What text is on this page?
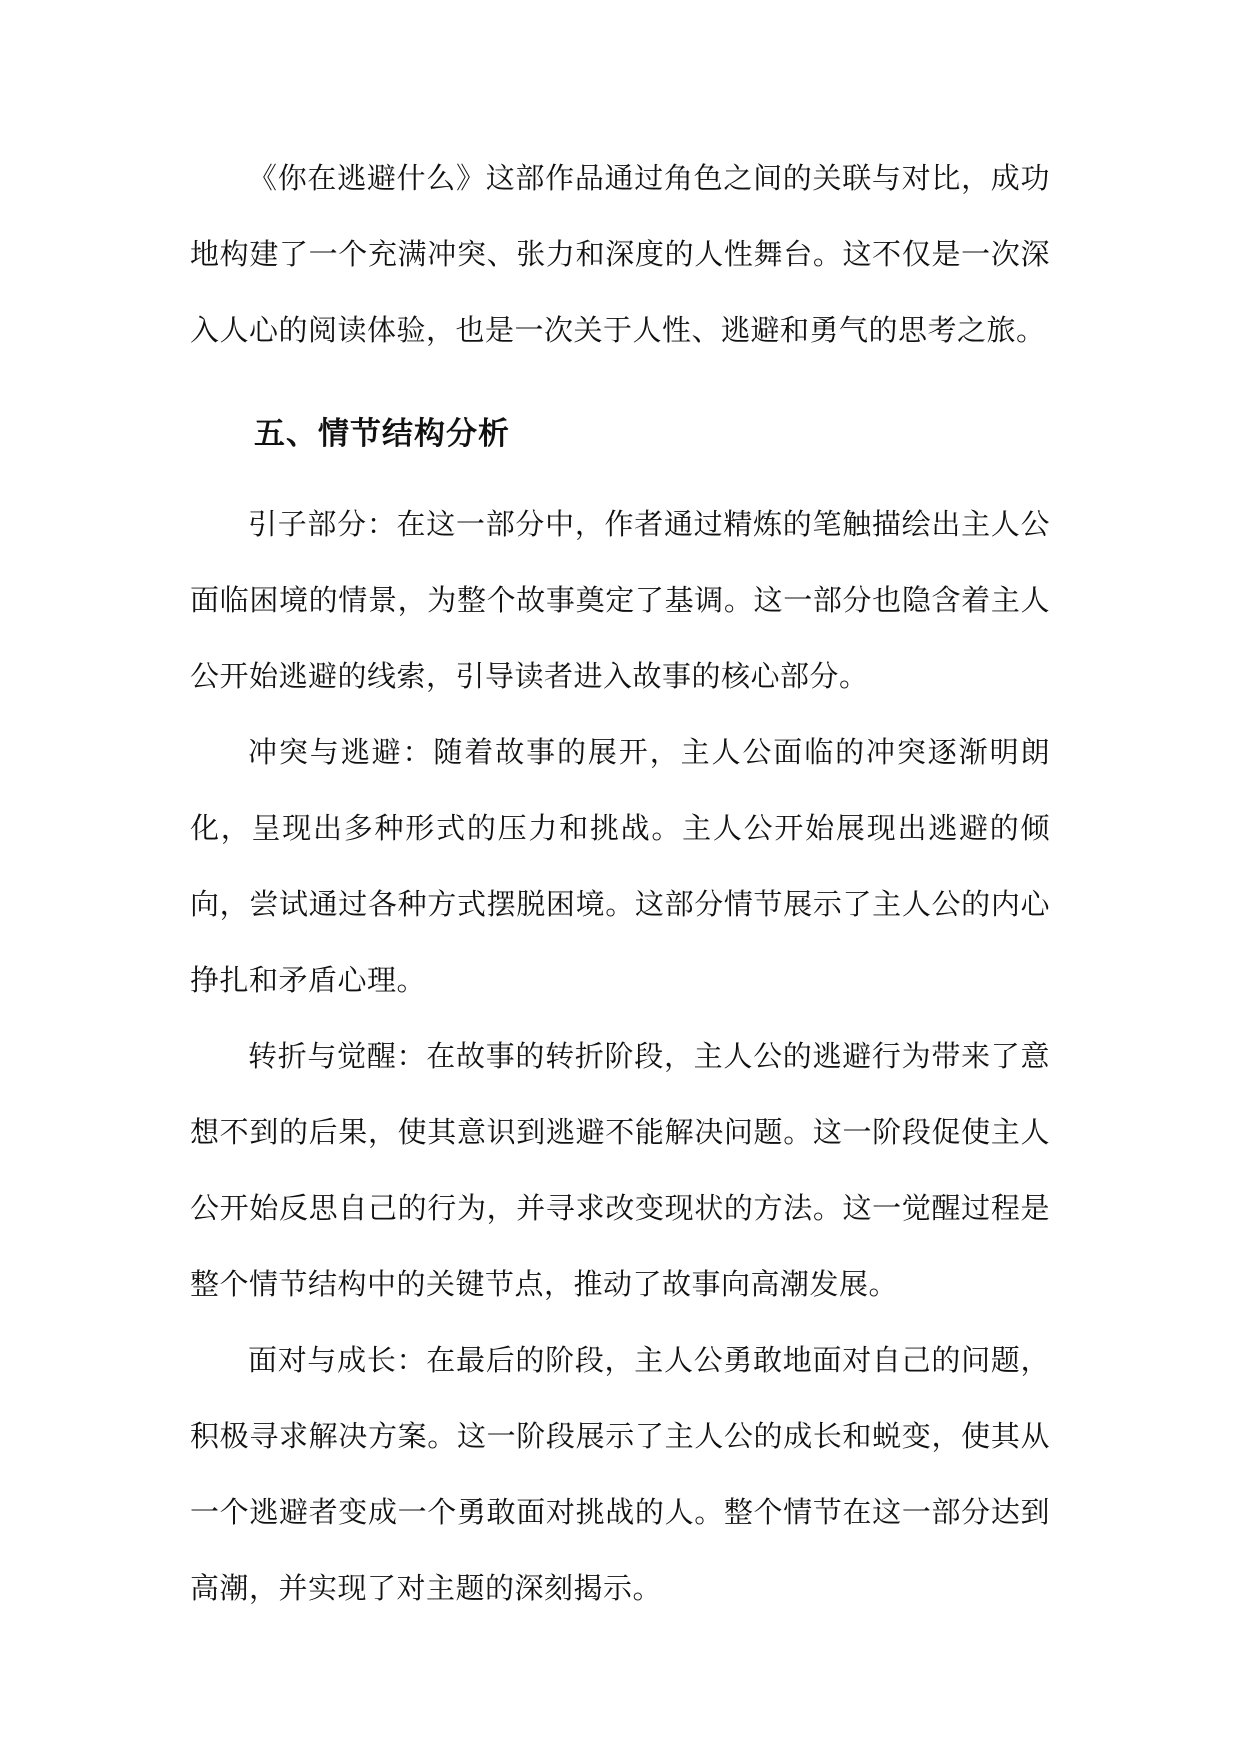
《你在逃避什么》这部作品通过角色之间的关联与对比，成功地构建了一个充满冲突、张力和深度的人性舞台。这不仅是一次深入人心的阅读体验，也是一次关于人性、逃避和勇气的思考之旅。

五、情节结构分析

引子部分：在这一部分中，作者通过精炼的笔触描绘出主人公面临困境的情景，为整个故事奠定了基调。这一部分也隐含着主人公开始逃避的线索，引导读者进入故事的核心部分。

冲突与逃避：随着故事的展开，主人公面临的冲突逐渐明朗化，呈现出多种形式的压力和挑战。主人公开始展现出逃避的倾向，尝试通过各种方式摆脱困境。这部分情节展示了主人公的内心挣扎和矛盾心理。

转折与觉醒：在故事的转折阶段，主人公的逃避行为带来了意想不到的后果，使其意识到逃避不能解决问题。这一阶段促使主人公开始反思自己的行为，并寻求改变现状的方法。这一觉醒过程是整个情节结构中的关键节点，推动了故事向高潮发展。

面对与成长：在最后的阶段，主人公勇敢地面对自己的问题，积极寻求解决方案。这一阶段展示了主人公的成长和蜕变，使其从一个逃避者变成一个勇敢面对挑战的人。整个情节在这一部分达到高潮，并实现了对主题的深刻揭示。
